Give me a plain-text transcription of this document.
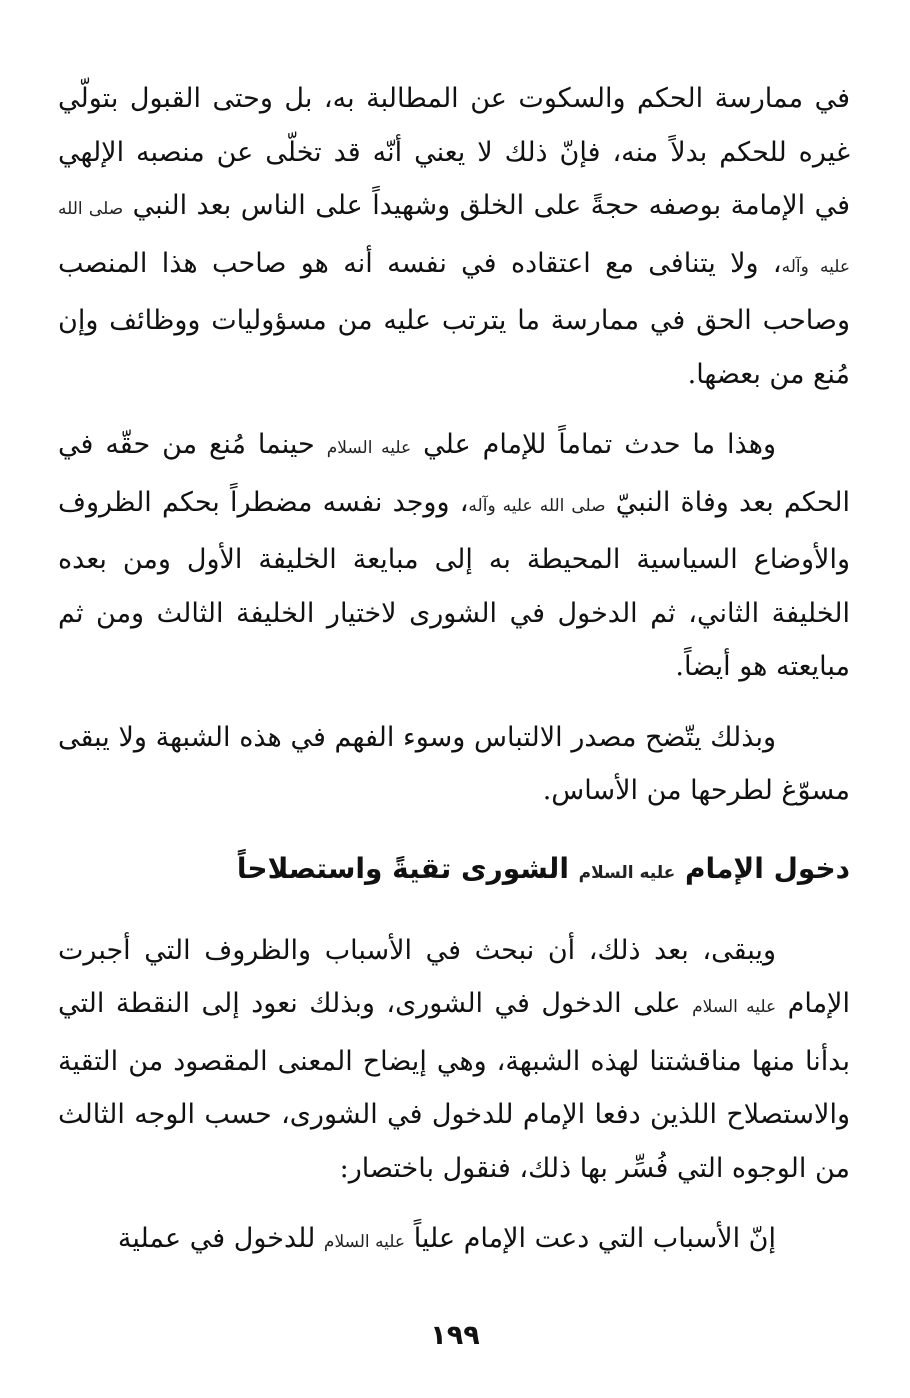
في ممارسة الحكم والسكوت عن المطالبة به، بل وحتى القبول بتولّي غيره للحكم بدلاً منه، فإنّ ذلك لا يعني أنّه قد تخلّى عن منصبه الإلهي في الإمامة بوصفه حجةً على الخلق وشهيداً على الناس بعد النبي صلى الله عليه وآله، ولا يتنافى مع اعتقاده في نفسه أنه هو صاحب هذا المنصب وصاحب الحق في ممارسة ما يترتب عليه من مسؤوليات ووظائف وإن مُنع من بعضها.

وهذا ما حدث تماماً للإمام علي عليه السلام حينما مُنع من حقّه في الحكم بعد وفاة النبيّ صلى الله عليه وآله، ووجد نفسه مضطراً بحكم الظروف والأوضاع السياسية المحيطة به إلى مبايعة الخليفة الأول ومن بعده الخليفة الثاني، ثم الدخول في الشورى لاختيار الخليفة الثالث ومن ثم مبايعته هو أيضاً.

وبذلك يتّضح مصدر الالتباس وسوء الفهم في هذه الشبهة ولا يبقى مسوّغ لطرحها من الأساس.

دخول الإمام عليه السلام الشورى تقيةً واستصلاحاً

ويبقى، بعد ذلك، أن نبحث في الأسباب والظروف التي أجبرت الإمام عليه السلام على الدخول في الشورى، وبذلك نعود إلى النقطة التي بدأنا منها مناقشتنا لهذه الشبهة، وهي إيضاح المعنى المقصود من التقية والاستصلاح اللذين دفعا الإمام للدخول في الشورى، حسب الوجه الثالث من الوجوه التي فُسِّر بها ذلك، فنقول باختصار:

إنّ الأسباب التي دعت الإمام علياً عليه السلام للدخول في عملية

١٩٩
